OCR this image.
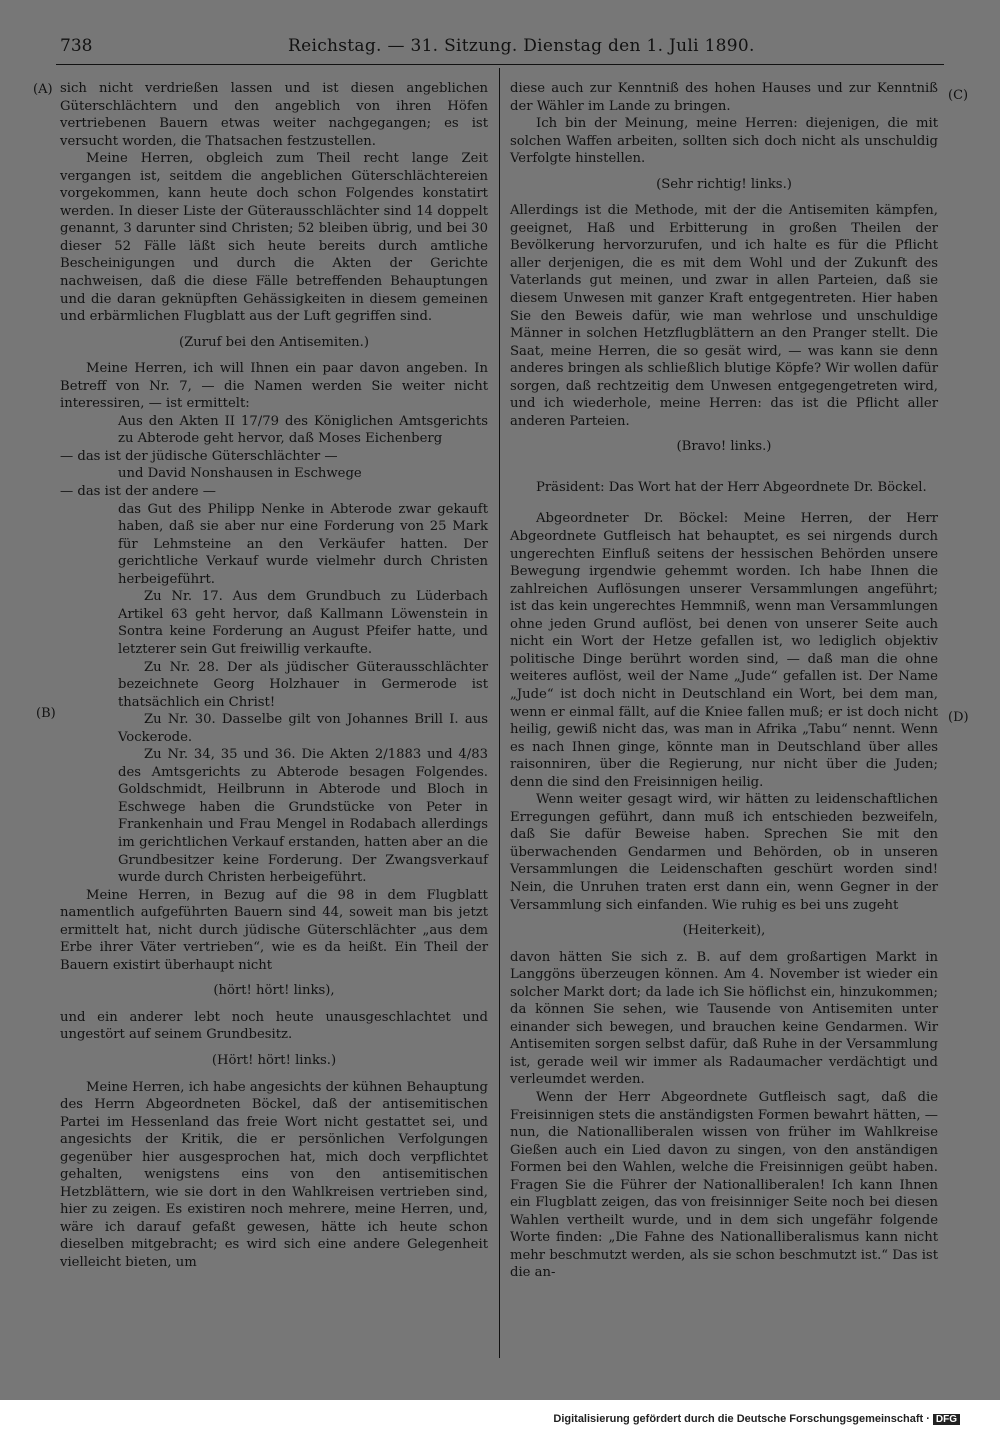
738	Reichstag. — 31. Sitzung. Dienstag den 1. Juli 1890.
(A)
(B)
(C)
(D)

sich nicht verdrießen lassen und ist diesen angeblichen Güterschlächtern und den angeblich von ihren Höfen vertriebenen Bauern etwas weiter nachgegangen; es ist versucht worden, die Thatsachen festzustellen.

Meine Herren, obgleich zum Theil recht lange Zeit vergangen ist, seitdem die angeblichen Güterschlächtereien vorgekommen, kann heute doch schon Folgendes konstatirt werden. In dieser Liste der Güterausschlächter sind 14 doppelt genannt, 3 darunter sind Christen; 52 bleiben übrig, und bei 30 dieser 52 Fälle läßt sich heute bereits durch amtliche Bescheinigungen und durch die Akten der Gerichte nachweisen, daß die diese Fälle betreffenden Behauptungen und die daran geknüpften Gehässigkeiten in diesem gemeinen und erbärmlichen Flugblatt aus der Luft gegriffen sind.

(Zuruf bei den Antisemiten.)

Meine Herren, ich will Ihnen ein paar davon angeben. In Betreff von Nr. 7, — die Namen werden Sie weiter nicht interessiren, — ist ermittelt:

Aus den Akten II 17/79 des Königlichen Amtsgerichts zu Abterode geht hervor, daß Moses Eichenberg

— das ist der jüdische Güterschlächter —

und David Nonshausen in Eschwege

— das ist der andere —

das Gut des Philipp Nenke in Abterode zwar gekauft haben, daß sie aber nur eine Forderung von 25 Mark für Lehmsteine an den Verkäufer hatten. Der gerichtliche Verkauf wurde vielmehr durch Christen herbeigeführt.

Zu Nr. 17. Aus dem Grundbuch zu Lüderbach Artikel 63 geht hervor, daß Kallmann Löwenstein in Sontra keine Forderung an August Pfeifer hatte, und letzterer sein Gut freiwillig verkaufte.

Zu Nr. 28. Der als jüdischer Güterausschlächter bezeichnete Georg Holzhauer in Germerode ist thatsächlich ein Christ!

Zu Nr. 30. Dasselbe gilt von Johannes Brill I. aus Vockerode.

Zu Nr. 34, 35 und 36. Die Akten 2/1883 und 4/83 des Amtsgerichts zu Abterode besagen Folgendes. Goldschmidt, Heilbrunn in Abterode und Bloch in Eschwege haben die Grundstücke von Peter in Frankenhain und Frau Mengel in Rodabach allerdings im gerichtlichen Verkauf erstanden, hatten aber an die Grundbesitzer keine Forderung. Der Zwangsverkauf wurde durch Christen herbeigeführt.

Meine Herren, in Bezug auf die 98 in dem Flugblatt namentlich aufgeführten Bauern sind 44, soweit man bis jetzt ermittelt hat, nicht durch jüdische Güterschlächter „aus dem Erbe ihrer Väter vertrieben“, wie es da heißt. Ein Theil der Bauern existirt überhaupt nicht

(hört! hört! links),

und ein anderer lebt noch heute unausgeschlachtet und ungestört auf seinem Grundbesitz.

(Hört! hört! links.)

Meine Herren, ich habe angesichts der kühnen Behauptung des Herrn Abgeordneten Böckel, daß der antisemitischen Partei im Hessenland das freie Wort nicht gestattet sei, und angesichts der Kritik, die er persönlichen Verfolgungen gegenüber hier ausgesprochen hat, mich doch verpflichtet gehalten, wenigstens eins von den antisemitischen Hetzblättern, wie sie dort in den Wahlkreisen vertrieben sind, hier zu zeigen. Es existiren noch mehrere, meine Herren, und, wäre ich darauf gefaßt gewesen, hätte ich heute schon dieselben mitgebracht; es wird sich eine andere Gelegenheit vielleicht bieten, um

diese auch zur Kenntniß des hohen Hauses und zur Kenntniß der Wähler im Lande zu bringen.

Ich bin der Meinung, meine Herren: diejenigen, die mit solchen Waffen arbeiten, sollten sich doch nicht als unschuldig Verfolgte hinstellen.

(Sehr richtig! links.)

Allerdings ist die Methode, mit der die Antisemiten kämpfen, geeignet, Haß und Erbitterung in großen Theilen der Bevölkerung hervorzurufen, und ich halte es für die Pflicht aller derjenigen, die es mit dem Wohl und der Zukunft des Vaterlands gut meinen, und zwar in allen Parteien, daß sie diesem Unwesen mit ganzer Kraft entgegentreten. Hier haben Sie den Beweis dafür, wie man wehrlose und unschuldige Männer in solchen Hetzflugblättern an den Pranger stellt. Die Saat, meine Herren, die so gesät wird, — was kann sie denn anderes bringen als schließlich blutige Köpfe? Wir wollen dafür sorgen, daß rechtzeitig dem Unwesen entgegengetreten wird, und ich wiederhole, meine Herren: das ist die Pflicht aller anderen Parteien.

(Bravo! links.)

Präsident: Das Wort hat der Herr Abgeordnete Dr. Böckel.

Abgeordneter Dr. Böckel: Meine Herren, der Herr Abgeordnete Gutfleisch hat behauptet, es sei nirgends durch ungerechten Einfluß seitens der hessischen Behörden unsere Bewegung irgendwie gehemmt worden. Ich habe Ihnen die zahlreichen Auflösungen unserer Versammlungen angeführt; ist das kein ungerechtes Hemmniß, wenn man Versammlungen ohne jeden Grund auflöst, bei denen von unserer Seite auch nicht ein Wort der Hetze gefallen ist, wo lediglich objektiv politische Dinge berührt worden sind, — daß man die ohne weiteres auflöst, weil der Name „Jude“ gefallen ist. Der Name „Jude“ ist doch nicht in Deutschland ein Wort, bei dem man, wenn er einmal fällt, auf die Kniee fallen muß; er ist doch nicht heilig, gewiß nicht das, was man in Afrika „Tabu“ nennt. Wenn es nach Ihnen ginge, könnte man in Deutschland über alles raisonniren, über die Regierung, nur nicht über die Juden; denn die sind den Freisinnigen heilig.

Wenn weiter gesagt wird, wir hätten zu leidenschaftlichen Erregungen geführt, dann muß ich entschieden bezweifeln, daß Sie dafür Beweise haben. Sprechen Sie mit den überwachenden Gendarmen und Behörden, ob in unseren Versammlungen die Leidenschaften geschürt worden sind! Nein, die Unruhen traten erst dann ein, wenn Gegner in der Versammlung sich einfanden. Wie ruhig es bei uns zugeht

(Heiterkeit),

davon hätten Sie sich z. B. auf dem großartigen Markt in Langgöns überzeugen können. Am 4. November ist wieder ein solcher Markt dort; da lade ich Sie höflichst ein, hinzukommen; da können Sie sehen, wie Tausende von Antisemiten unter einander sich bewegen, und brauchen keine Gendarmen. Wir Antisemiten sorgen selbst dafür, daß Ruhe in der Versammlung ist, gerade weil wir immer als Radaumacher verdächtigt und verleumdet werden.

Wenn der Herr Abgeordnete Gutfleisch sagt, daß die Freisinnigen stets die anständigsten Formen bewahrt hätten, — nun, die Nationalliberalen wissen von früher im Wahlkreise Gießen auch ein Lied davon zu singen, von den anständigen Formen bei den Wahlen, welche die Freisinnigen geübt haben. Fragen Sie die Führer der Nationalliberalen! Ich kann Ihnen ein Flugblatt zeigen, das von freisinniger Seite noch bei diesen Wahlen vertheilt wurde, und in dem sich ungefähr folgende Worte finden: „Die Fahne des Nationalliberalismus kann nicht mehr beschmutzt werden, als sie schon beschmutzt ist.“ Das ist die an-

Digitalisierung gefördert durch die Deutsche Forschungsgemeinschaft · DFG
